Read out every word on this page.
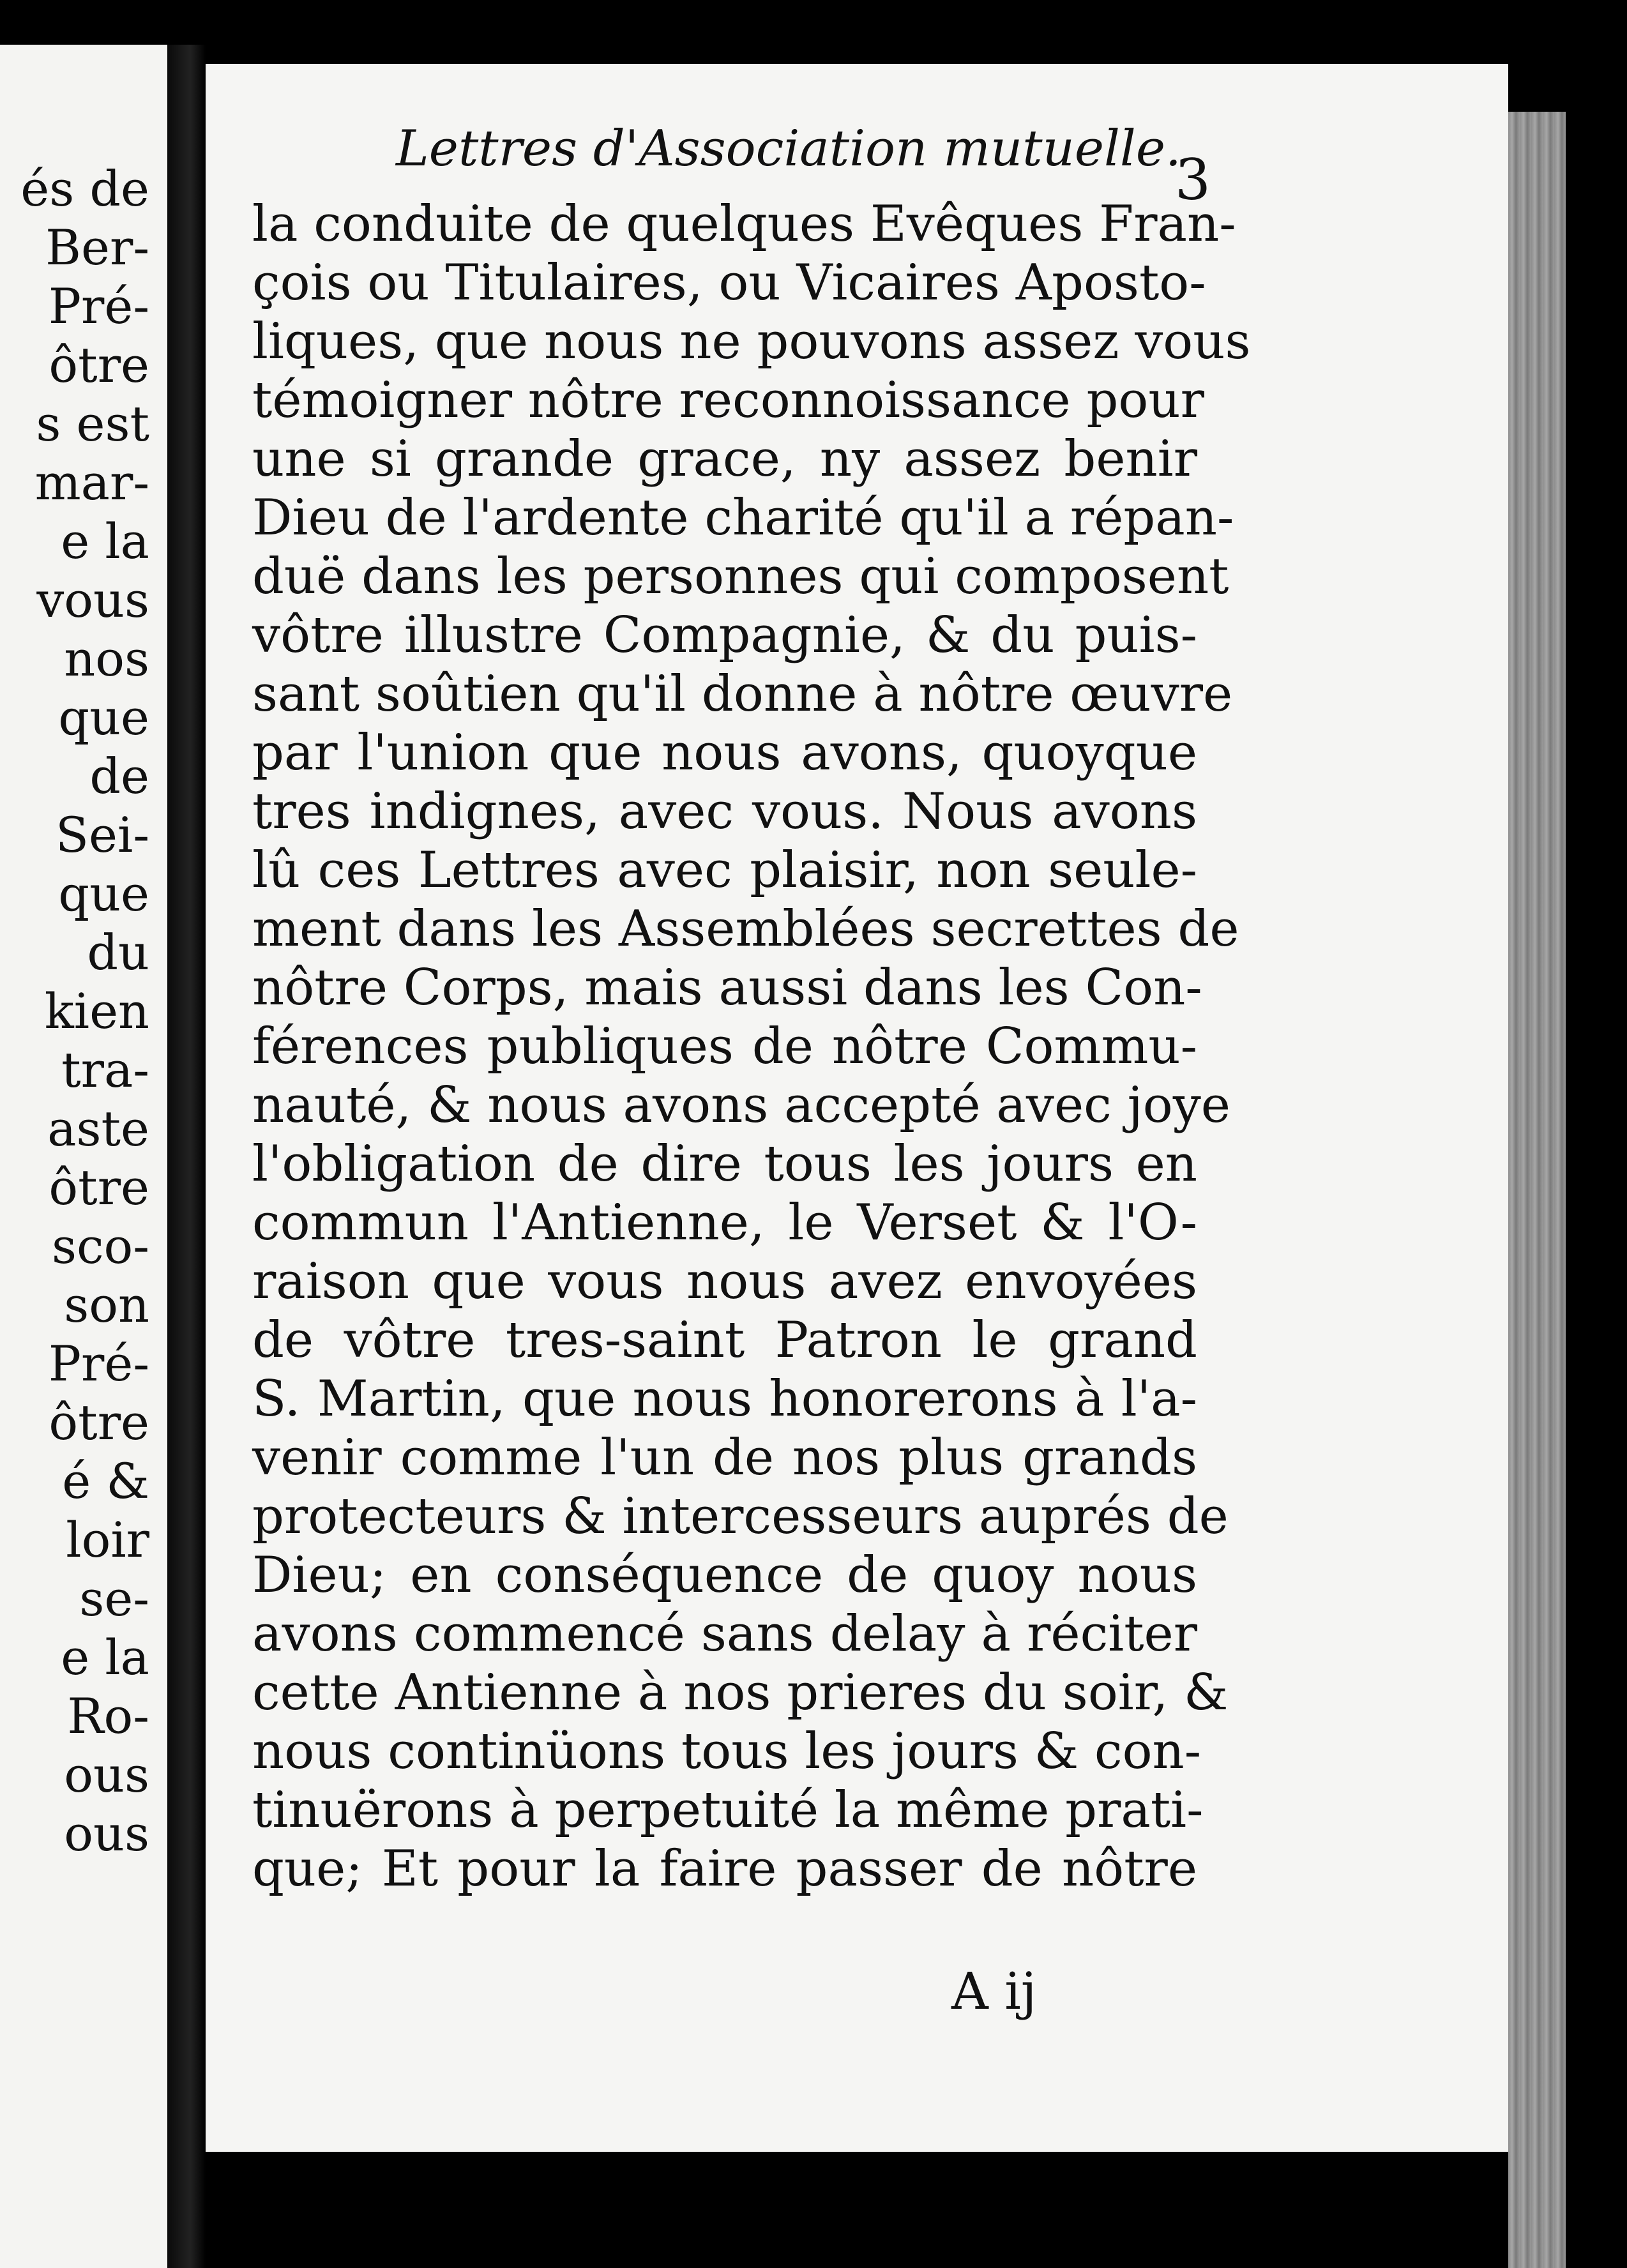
és de
Ber-
Pré-
ôtre
s est
mar-
e la
vous
nos
que
de
Sei-
que
du
kien
tra-
aste
ôtre
sco-
son
Pré-
ôtre
é &
loir
se-
e la
Ro-
ous
ous
Lettres d'Association mutuelle.
3
la conduite de quelques Evêques Fran-
çois ou Titulaires, ou Vicaires Aposto-
liques, que nous ne pouvons assez vous
témoigner nôtre reconnoissance pour
une si grande grace, ny assez benir
Dieu de l'ardente charité qu'il a répan-
duë dans les personnes qui composent
vôtre illustre Compagnie, & du puis-
sant soûtien qu'il donne à nôtre œuvre
par l'union que nous avons, quoyque
tres indignes, avec vous. Nous avons
lû ces Lettres avec plaisir, non seule-
ment dans les Assemblées secrettes de
nôtre Corps, mais aussi dans les Con-
férences publiques de nôtre Commu-
nauté, & nous avons accepté avec joye
l'obligation de dire tous les jours en
commun l'Antienne, le Verset & l'O-
raison que vous nous avez envoyées
de vôtre tres-saint Patron le grand
S. Martin, que nous honorerons à l'a-
venir comme l'un de nos plus grands
protecteurs & intercesseurs auprés de
Dieu; en conséquence de quoy nous
avons commencé sans delay à réciter
cette Antienne à nos prieres du soir, &
nous continüons tous les jours & con-
tinuërons à perpetuité la même prati-
que; Et pour la faire passer de nôtre
A ij
